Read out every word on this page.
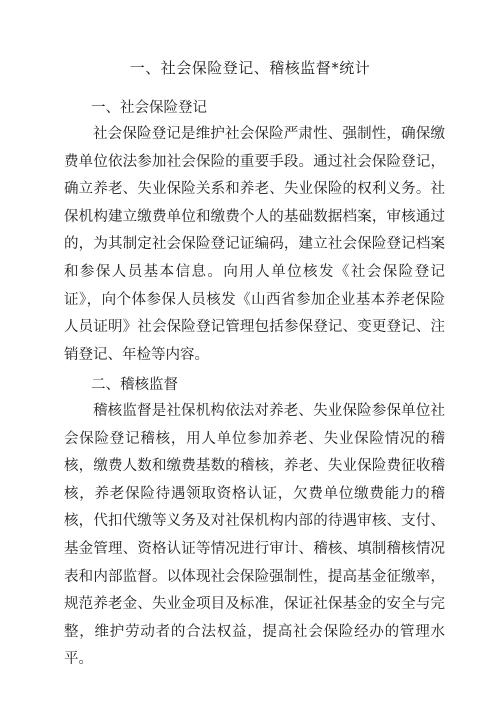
一、社会保险登记、稽核监督*统计
一、社会保险登记

社会保险登记是维护社会保险严肃性、强制性，确保缴费单位依法参加社会保险的重要手段。通过社会保险登记，确立养老、失业保险关系和养老、失业保险的权利义务。社保机构建立缴费单位和缴费个人的基础数据档案，审核通过的，为其制定社会保险登记证编码，建立社会保险登记档案和参保人员基本信息。向用人单位核发《社会保险登记证》，向个体参保人员核发《山西省参加企业基本养老保险人员证明》社会保险登记管理包括参保登记、变更登记、注销登记、年检等内容。

二、稽核监督

稽核监督是社保机构依法对养老、失业保险参保单位社会保险登记稽核，用人单位参加养老、失业保险情况的稽核，缴费人数和缴费基数的稽核，养老、失业保险费征收稽核，养老保险待遇领取资格认证，欠费单位缴费能力的稽核，代扣代缴等义务及对社保机构内部的待遇审核、支付、基金管理、资格认证等情况进行审计、稽核、填制稽核情况表和内部监督。以体现社会保险强制性，提高基金征缴率，规范养老金、失业金项目及标准，保证社保基金的安全与完整，维护劳动者的合法权益，提高社会保险经办的管理水平。
